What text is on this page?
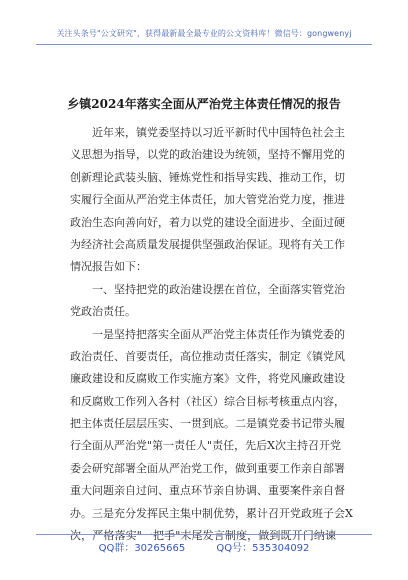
关注头条号"公文研究"，获得最新最全最专业的公文资料库！微信号：gongwenyj
乡镇2024年落实全面从严治党主体责任情况的报告
近年来，镇党委坚持以习近平新时代中国特色社会主
义思想为指导，以党的政治建设为统领，坚持不懈用党的
创新理论武装头脑、锤炼党性和指导实践、推动工作，切
实履行全面从严治党主体责任，加大管党治党力度，推进
政治生态向善向好，着力以党的建设全面进步、全面过硬
为经济社会高质量发展提供坚强政治保证。现将有关工作
情况报告如下：
一、坚持把党的政治建设摆在首位，全面落实管党治
党政治责任。
一是坚持把落实全面从严治党主体责任作为镇党委的
政治责任、首要责任，高位推动责任落实，制定《镇党风
廉政建设和反腐败工作实施方案》文件，将党风廉政建设
和反腐败工作列入各村（社区）综合目标考核重点内容，
把主体责任层层压实、一贯到底。二是镇党委书记带头履
行全面从严治党"第一责任人"责任，先后X次主持召开党
委会研究部署全面从严治党工作，做到重要工作亲自部署
重大问题亲自过问、重点环节亲自协调、重要案件亲自督
办。三是充分发挥民主集中制优势，累计召开党政班子会X
次，严格落实"一把手"末尾发言制度，做到既开门纳谏
QQ群：30265665	QQ号：535304092
